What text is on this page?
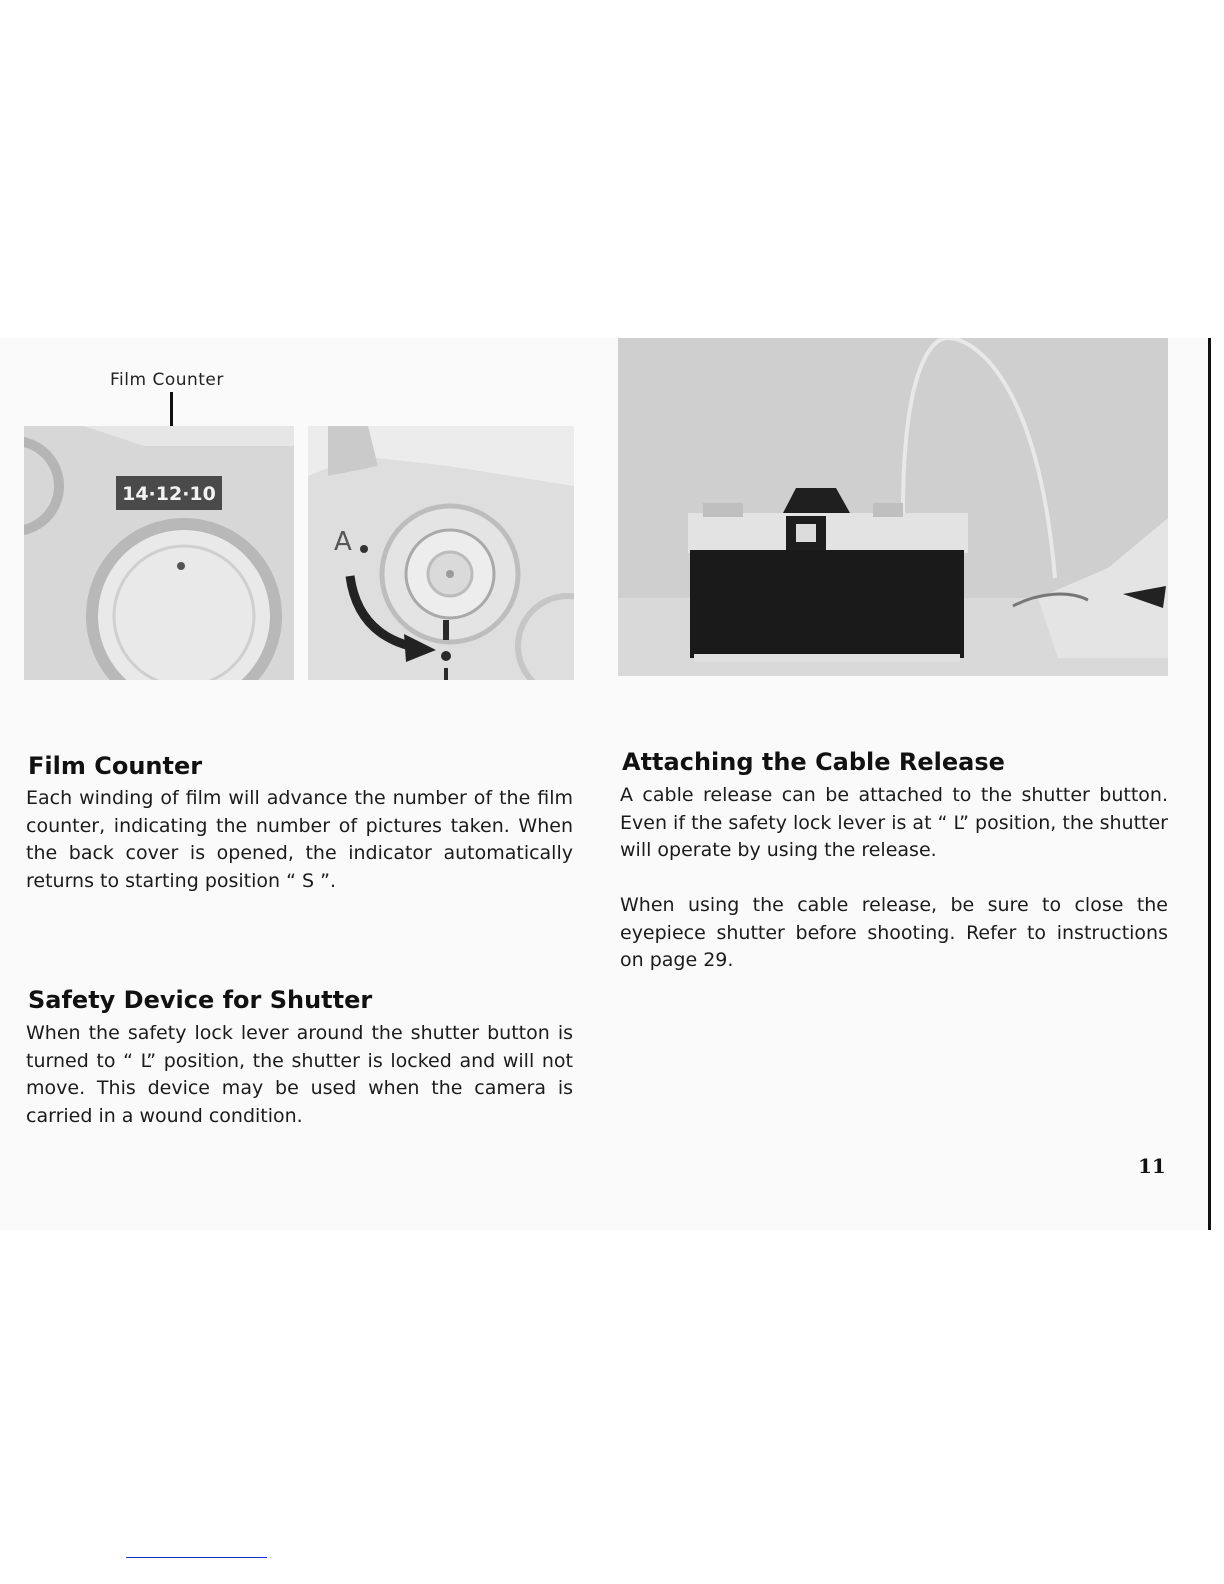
Film Counter
14·12·10
A
Film Counter

Each winding of film will advance the number of the film counter, indicating the number of pictures taken. When the back cover is opened, the indicator automatically returns to starting position “ S ”.

Safety Device for Shutter

When the safety lock lever around the shutter button is turned to “ L” position, the shutter is locked and will not move. This device may be used when the camera is carried in a wound condition.

Attaching the Cable Release

A cable release can be attached to the shutter button. Even if the safety lock lever is at “ L” position, the shutter will operate by using the release.

When using the cable release, be sure to close the eyepiece shutter before shooting. Refer to instructions on page 29.

11
